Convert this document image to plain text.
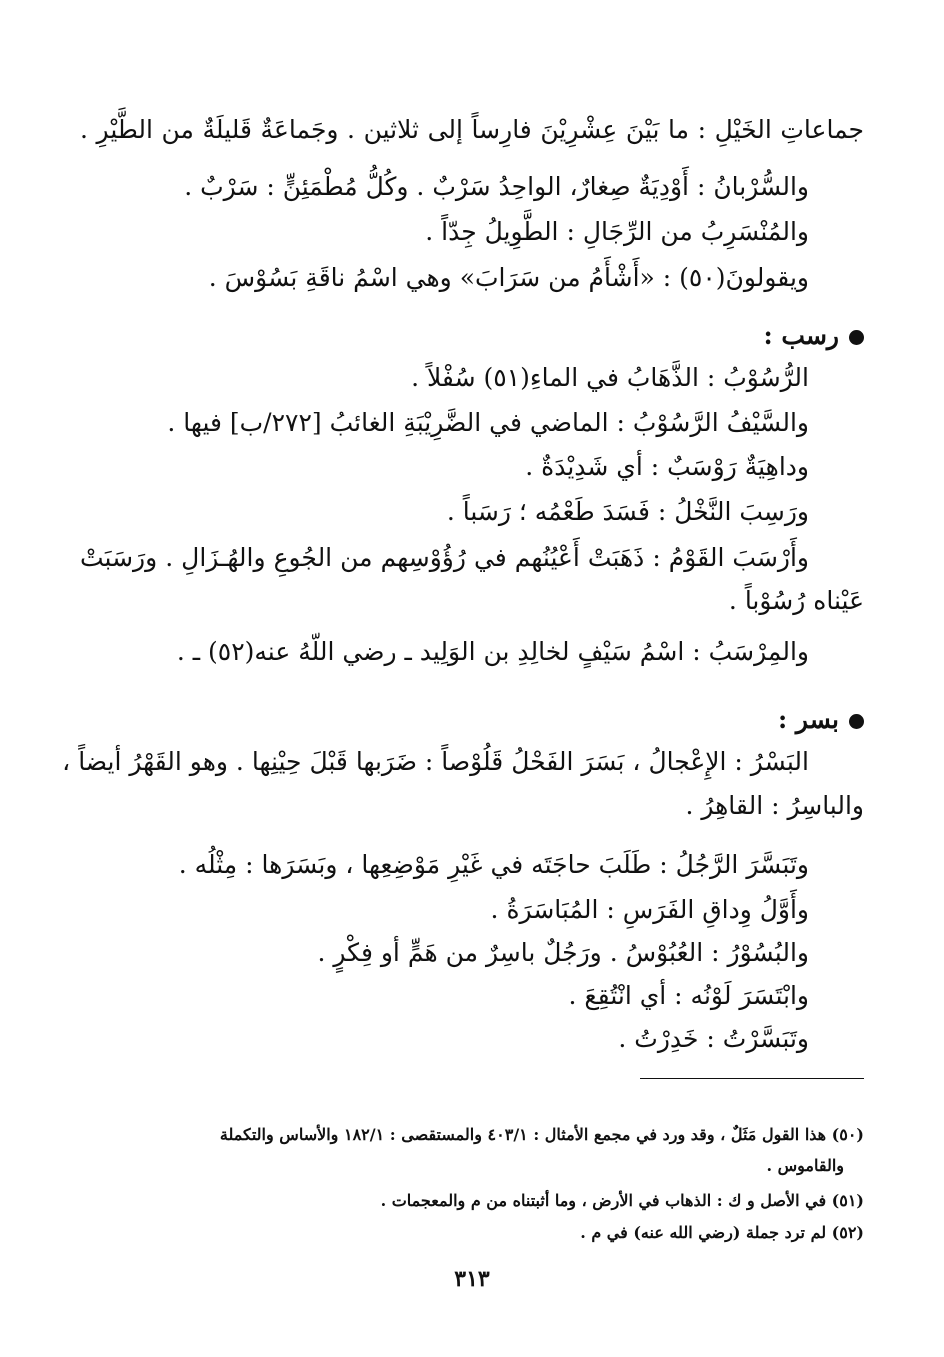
جماعاتِ الخَيْلِ : ما بَيْنَ عِشْرِيْنَ فارِساً إلى ثلاثين . وجَماعَةٌ قَليلَةٌ من الطَّيْرِ .
والسُّرْبانُ : أَوْدِيَةٌ صِغارٌ، الواحِدُ سَرْبٌ . وكُلُّ مُطْمَئِنٍّ : سَرْبٌ .
والمُنْسَرِبُ من الرِّجَالِ : الطَّوِيلُ جِدّاً .
ويقولونَ(٥٠) : «أَشْأَمُ من سَرَابَ» وهي اسْمُ ناقَةِ بَسُوْسَ .
رسب :
الرُّسُوْبُ : الذَّهَابُ في الماءِ(٥١) سُفْلاً .
والسَّيْفُ الرَّسُوْبُ : الماضي في الضَّرِيْبَةِ الغائبُ [٢٧٢/ب] فيها .
وداهِيَةٌ رَوْسَبٌ : أي شَدِيْدَةٌ .
ورَسِبَ النَّخْلُ : فَسَدَ طَعْمُه ؛ رَسَباً .
وأَرْسَبَ القَوْمُ : ذَهَبَتْ أَعْيُنُهم في رُؤُوْسِهم من الجُوعِ والهُـزَالِ . ورَسَبَتْ
عَيْناه رُسُوْباً .
والمِرْسَبُ : اسْمُ سَيْفٍ لخالِدِ بن الوَلِيد ـ رضي اللّهُ عنه(٥٢) ـ .
بسر :
البَسْرُ : الإِعْجالُ ، بَسَرَ الفَحْلُ قَلُوْصاً : ضَرَبها قَبْلَ حِيْنِها . وهو القَهْرُ أيضاً ،
والباسِرُ : القاهِرُ .
وتَبَسَّرَ الرَّجُلُ : طَلَبَ حاجَتَه في غَيْرِ مَوْضِعِها ، وبَسَرَها : مِثْلُه .
وأَوَّلُ وِداقِ الفَرَسِ : المُبَاسَرَةُ .
والبُسُوْرُ : العُبُوْسُ . ورَجُلٌ باسِرٌ من هَمٍّ أو فِكْرٍ .
وابْتَسَرَ لَوْنُه : أي انْتُقِعَ .
وتَبَسَّرْتُ : خَدِرْتُ .
(٥٠) هذا القول مَثَلٌ ، وقد ورد في مجمع الأمثال : ٤٠٣/١ والمستقصى : ١٨٢/١ والأساس والتكملة
والقاموس .
(٥١) في الأصل و ك : الذهاب في الأرض ، وما أثبتناه من م والمعجمات .
(٥٢) لم ترد جملة (رضي الله عنه) في م .
٣١٣
